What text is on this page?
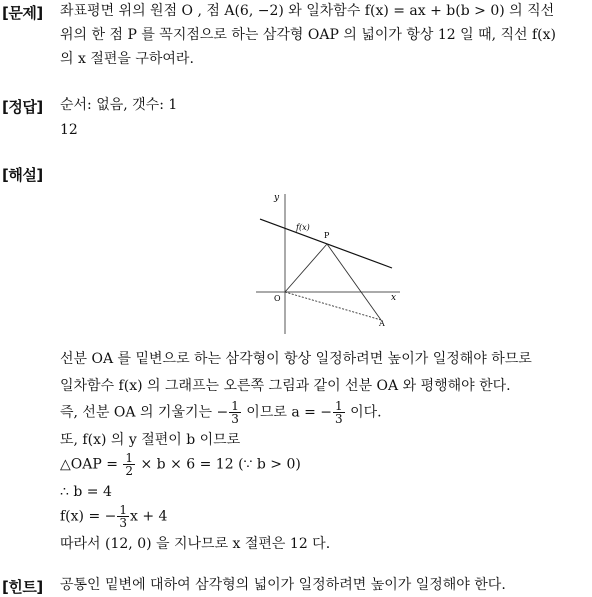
[문제] 좌표평면 위의 원점 O , 점 A(6, −2) 와 일차함수 f(x) = ax + b(b > 0) 의 직선
위의 한 점 P 를 꼭지점으로 하는 삼각형 OAP 의 넓이가 항상 12 일 때, 직선 f(x)
의 x 절편을 구하여라.
[정답] 순서: 없음, 갯수: 1
12
[해설]
y
x
f(x)
P
O
A
선분 OA 를 밑변으로 하는 삼각형이 항상 일정하려면 높이가 일정해야 하므로
일차함수 f(x) 의 그래프는 오른쪽 그림과 같이 선분 OA 와 평행해야 한다.
즉, 선분 OA 의 기울기는 − $\frac{1}{3}$ 이므로 a = − $\frac{1}{3}$ 이다.
또, f(x) 의 y 절편이 b 이므로
△OAP = $\frac{1}{2} \times b \times 6 = 12$ (∵ b > 0)
∴ b = 4
f(x) = − $\frac{1}{3}$ x + 4
따라서 (12, 0) 을 지나므로 x 절편은 12 다.
[힌트] 공통인 밑변에 대하여 삼각형의 넓이가 일정하려면 높이가 일정해야 한다.
